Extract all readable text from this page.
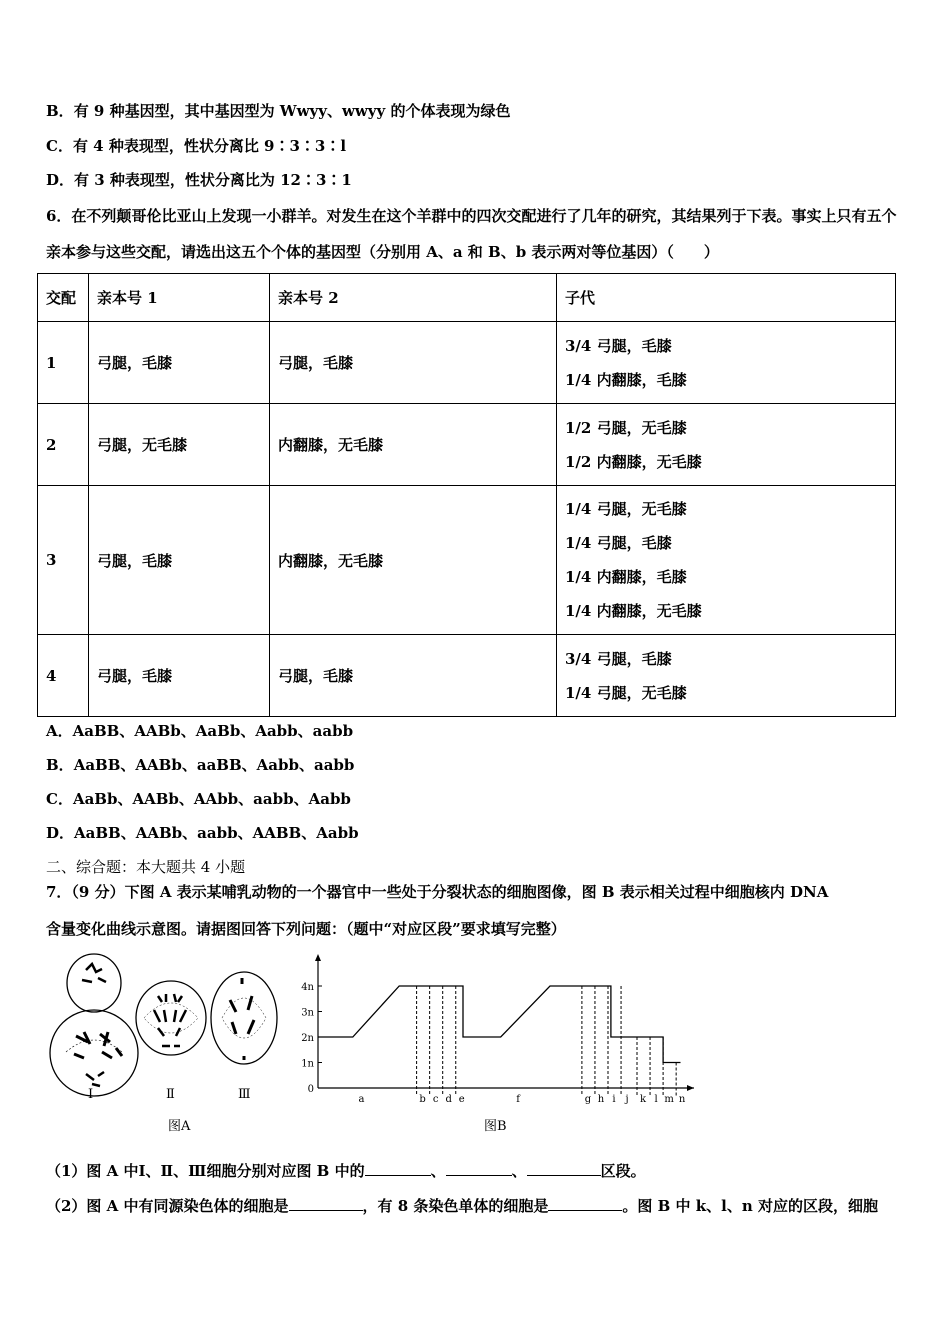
B．有 9 种基因型，其中基因型为 Wwyy、wwyy 的个体表现为绿色
C．有 4 种表现型，性状分离比 9∶3∶3∶l
D．有 3 种表现型，性状分离比为 12∶3∶1
6．在不列颠哥伦比亚山上发现一小群羊。对发生在这个羊群中的四次交配进行了几年的研究，其结果列于下表。事实上只有五个亲本参与这些交配，请选出这五个个体的基因型（分别用 A、a 和 B、b 表示两对等位基因）（　　）
交配	亲本号 1	亲本号 2	子代
1	弓腿，毛膝	弓腿，毛膝	3/4 弓腿，毛膝
1/4 内翻膝，毛膝

2	弓腿，无毛膝	内翻膝，无毛膝	1/2 弓腿，无毛膝
1/2 内翻膝，无毛膝

3	弓腿，毛膝	内翻膝，无毛膝	1/4 弓腿，无毛膝
1/4 弓腿，毛膝
1/4 内翻膝，毛膝
1/4 内翻膝，无毛膝

4	弓腿，毛膝	弓腿，毛膝	3/4 弓腿，毛膝
1/4 弓腿，无毛膝
A．AaBB、AABb、AaBb、Aabb、aabb
B．AaBB、AABb、aaBB、Aabb、aabb
C．AaBb、AABb、AAbb、aabb、Aabb
D．AaBB、AABb、aabb、AABB、Aabb
二、综合题：本大题共 4 小题
7．（9 分）下图 A 表示某哺乳动物的一个器官中一些处于分裂状态的细胞图像，图 B 表示相关过程中细胞核内 DNA
含量变化曲线示意图。请据图回答下列问题：（题中“对应区段”要求填写完整）
Ⅰ	Ⅱ	Ⅲ
图A
4n
3n
2n
1n
0
a	b c d e	f	g h i j k l m n
图B
（1）图 A 中Ⅰ、Ⅱ、Ⅲ细胞分别对应图 B 中的	、	、	区段。
（2）图 A 中有同源染色体的细胞是	，有 8 条染色单体的细胞是	。图 B 中 k、l、n 对应的区段，细胞
